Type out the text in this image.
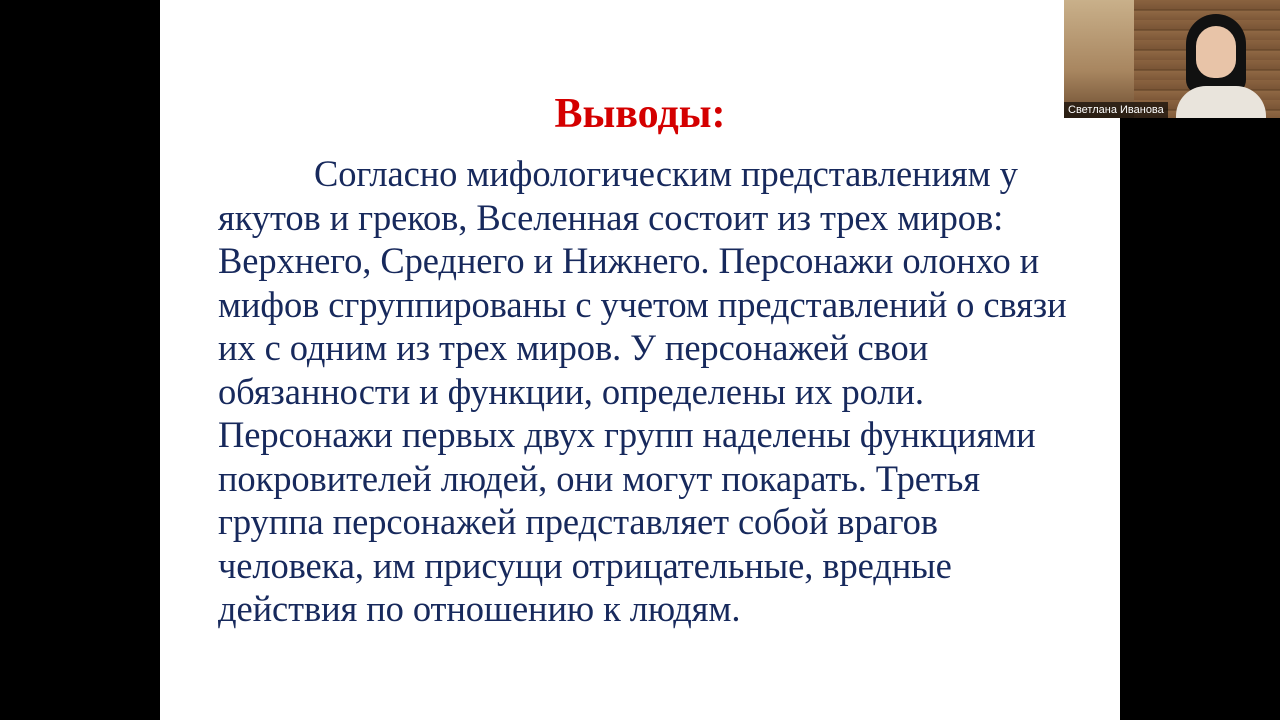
Выводы:

Согласно мифологическим представлениям у якутов и греков, Вселенная состоит из трех миров: Верхнего, Среднего и Нижнего. Персонажи олонхо и мифов сгруппированы с учетом представлений о связи их с одним из трех миров. У персонажей свои обязанности и функции, определены их роли. Персонажи первых двух групп наделены функциями покровителей людей, они могут покарать. Третья группа персонажей представляет собой врагов человека, им присущи отрицательные, вредные действия по отношению к людям.

Светлана Иванова
